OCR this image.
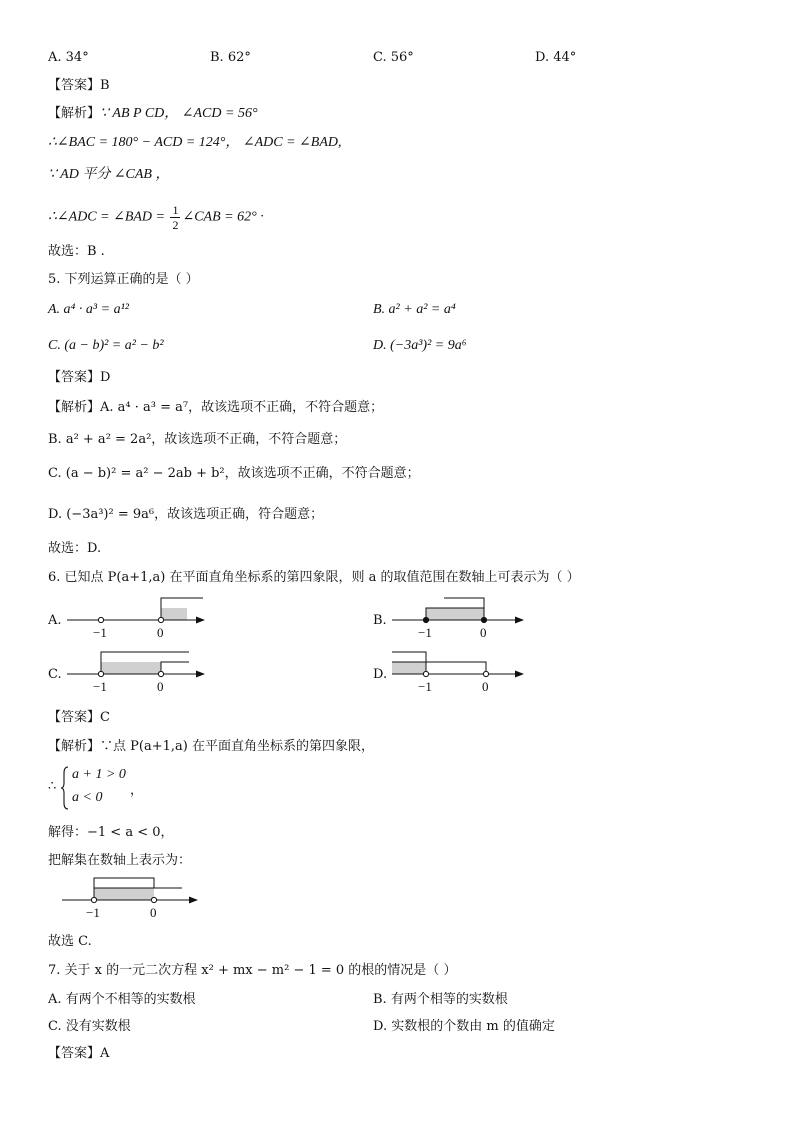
A. 34°	B. 62°	C. 56°	D. 44°
【答案】B
【解析】∵ AB P CD， ∠ACD = 56°
∴∠BAC = 180° − ACD = 124°， ∠ADC = ∠BAD,
∵ AD 平分 ∠CAB ，
∴∠ADC = ∠BAD = $\frac{1}{2}$ ∠CAB = 62° ·
故选：B .
5. 下列运算正确的是（ ）
A. a⁴ · a³ = a¹²	B. a² + a² = a⁴
C. (a − b)² = a² − b²	D. (−3a³)² = 9a⁶
【答案】D
【解析】A. a⁴ · a³ = a⁷，故该选项不正确，不符合题意；
B. a² + a² = 2a²，故该选项不正确，不符合题意；
C. (a − b)² = a² − 2ab + b²，故该选项不正确，不符合题意；
D. (−3a³)² = 9a⁶，故该选项正确，符合题意；
故选：D.
6. 已知点 P(a+1,a) 在平面直角坐标系的第四象限，则 a 的取值范围在数轴上可表示为（ ）
A.	B.
C.	D.
−1	0	−1	0
−1	0	−1	0
【答案】C
【解析】∵点 P(a+1,a) 在平面直角坐标系的第四象限，
∴
a + 1 > 0
a < 0 ，
解得：−1 < a < 0，
把解集在数轴上表示为：
−1	0
故选 C.
7. 关于 x 的一元二次方程 x² + mx − m² − 1 = 0 的根的情况是（ ）
A. 有两个不相等的实数根	B. 有两个相等的实数根
C. 没有实数根	D. 实数根的个数由 m 的值确定
【答案】A
